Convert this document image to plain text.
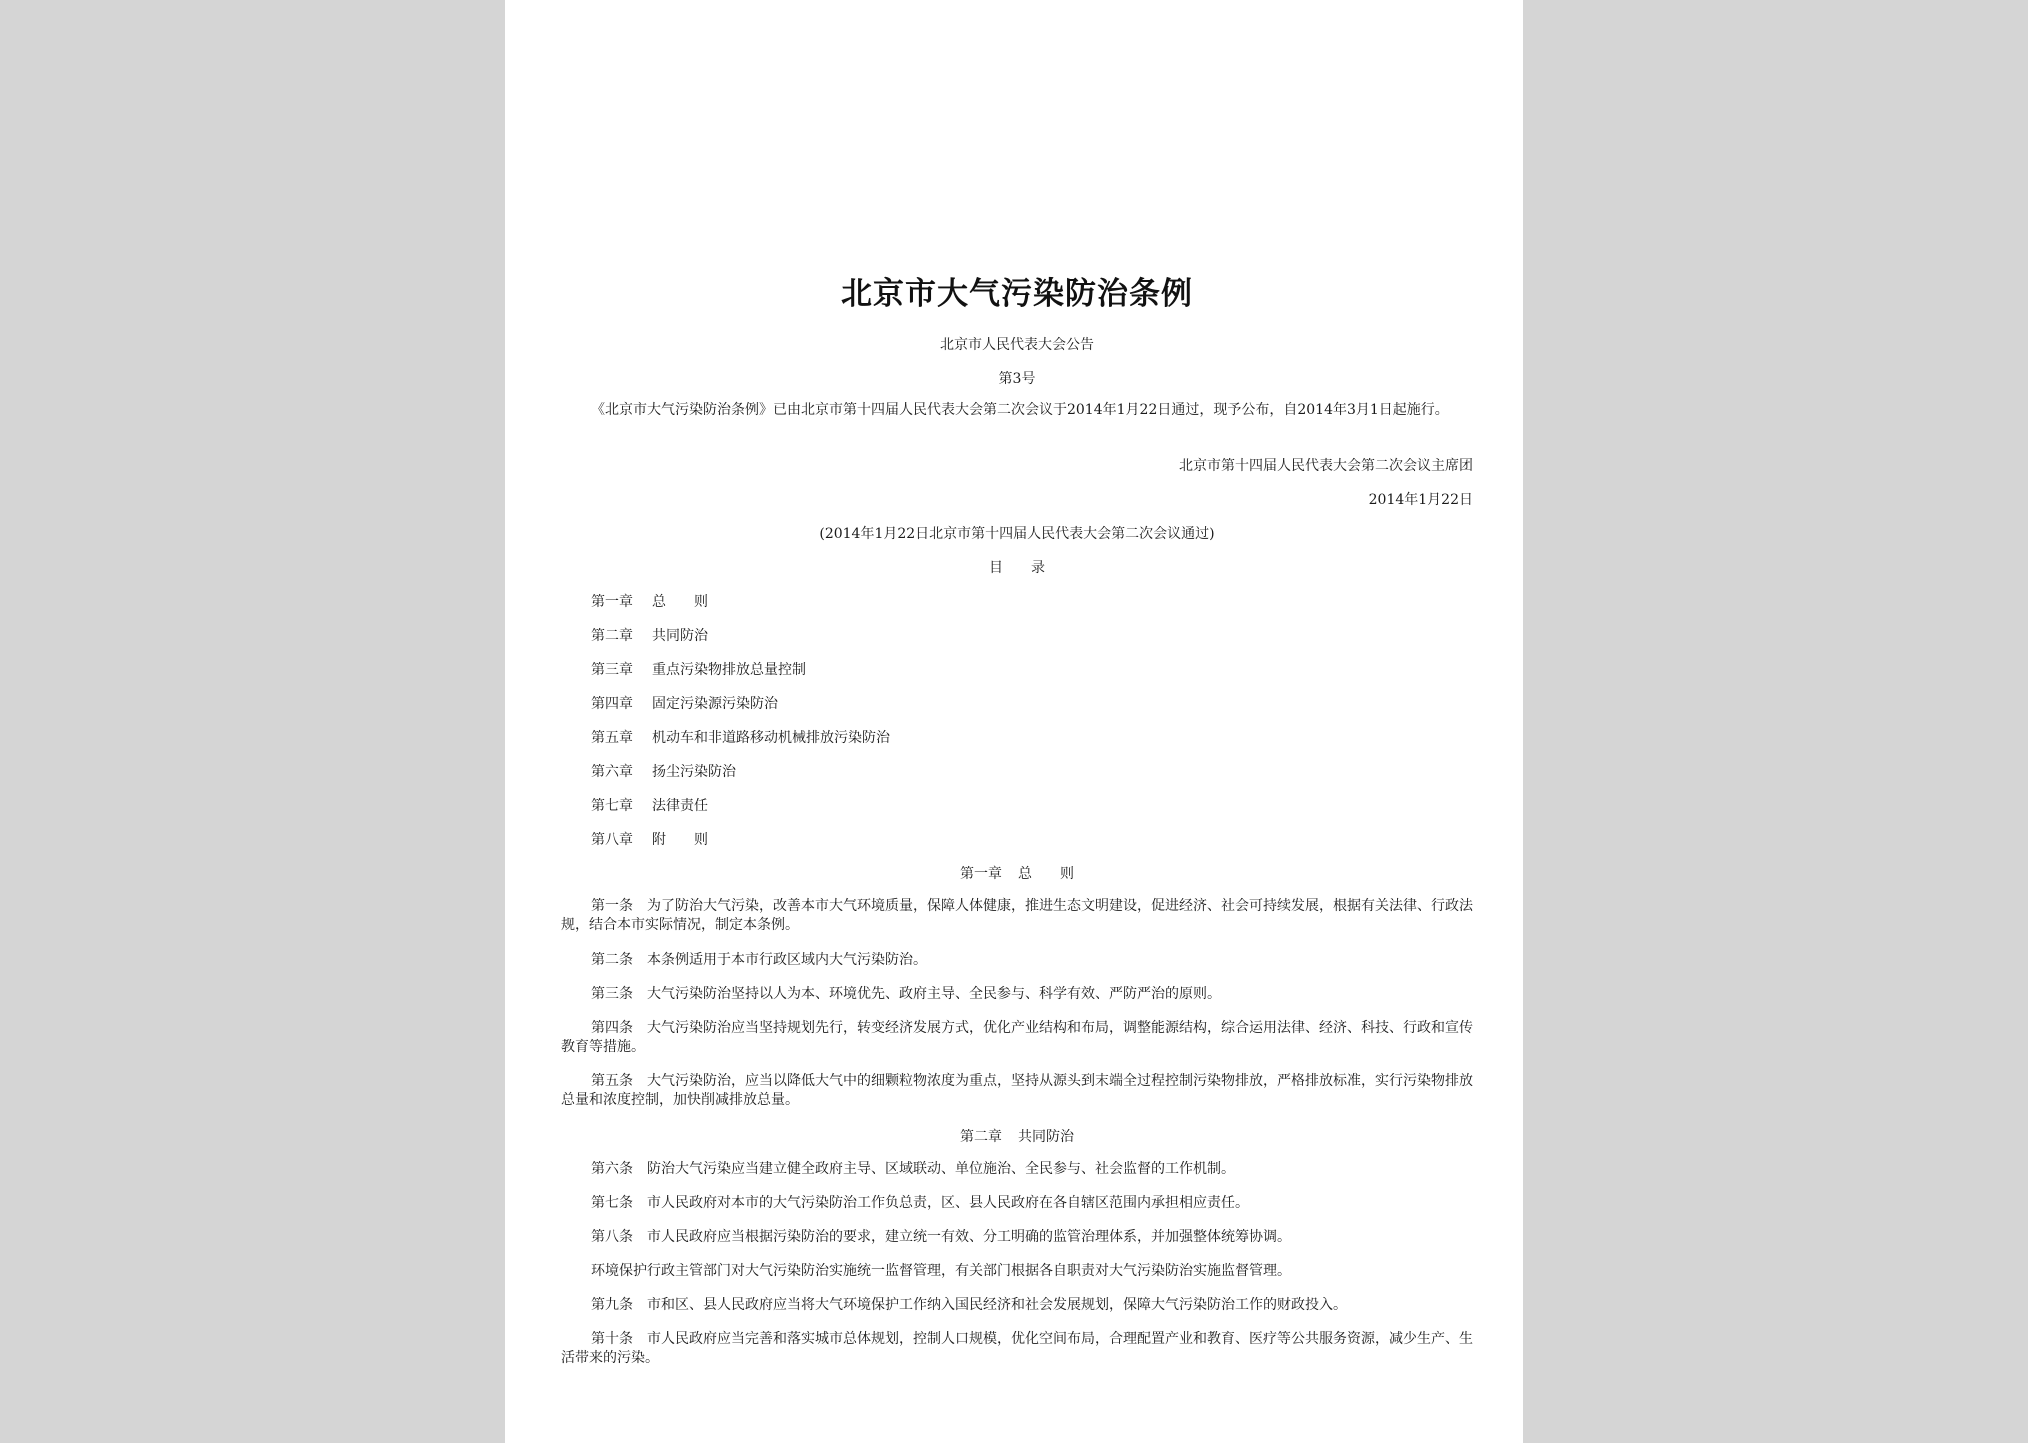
北京市大气污染防治条例
北京市人民代表大会公告
第3号
《北京市大气污染防治条例》已由北京市第十四届人民代表大会第二次会议于2014年1月22日通过，现予公布，自2014年3月1日起施行。
北京市第十四届人民代表大会第二次会议主席团
2014年1月22日
(2014年1月22日北京市第十四届人民代表大会第二次会议通过)
目　　录
第一章 总　　则
第二章 共同防治
第三章 重点污染物排放总量控制
第四章 固定污染源污染防治
第五章 机动车和非道路移动机械排放污染防治
第六章 扬尘污染防治
第七章 法律责任
第八章 附　　则
第一章 总　　则
第一条 为了防治大气污染，改善本市大气环境质量，保障人体健康，推进生态文明建设，促进经济、社会可持续发展，根据有关法律、行政法规，结合本市实际情况，制定本条例。
第二条 本条例适用于本市行政区域内大气污染防治。
第三条 大气污染防治坚持以人为本、环境优先、政府主导、全民参与、科学有效、严防严治的原则。
第四条 大气污染防治应当坚持规划先行，转变经济发展方式，优化产业结构和布局，调整能源结构，综合运用法律、经济、科技、行政和宣传教育等措施。
第五条 大气污染防治，应当以降低大气中的细颗粒物浓度为重点，坚持从源头到末端全过程控制污染物排放，严格排放标准，实行污染物排放总量和浓度控制，加快削减排放总量。
第二章 共同防治
第六条 防治大气污染应当建立健全政府主导、区域联动、单位施治、全民参与、社会监督的工作机制。
第七条 市人民政府对本市的大气污染防治工作负总责，区、县人民政府在各自辖区范围内承担相应责任。
第八条 市人民政府应当根据污染防治的要求，建立统一有效、分工明确的监管治理体系，并加强整体统筹协调。
环境保护行政主管部门对大气污染防治实施统一监督管理，有关部门根据各自职责对大气污染防治实施监督管理。
第九条 市和区、县人民政府应当将大气环境保护工作纳入国民经济和社会发展规划，保障大气污染防治工作的财政投入。
第十条 市人民政府应当完善和落实城市总体规划，控制人口规模，优化空间布局，合理配置产业和教育、医疗等公共服务资源，减少生产、生活带来的污染。
